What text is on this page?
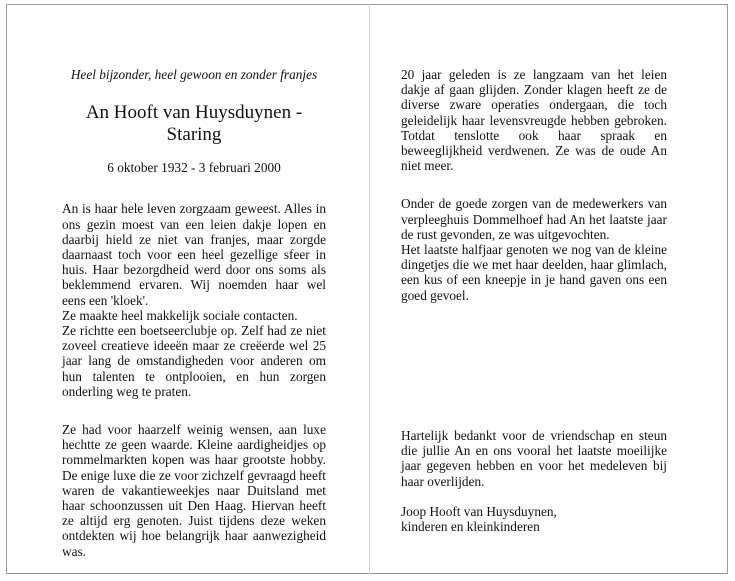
Heel bijzonder, heel gewoon en zonder franjes

An Hooft van Huysduynen - Staring

6 oktober 1932 - 3 februari 2000

An is haar hele leven zorgzaam geweest. Alles in ons gezin moest van een leien dakje lopen en daarbij hield ze niet van franjes, maar zorgde daarnaast toch voor een heel gezellige sfeer in huis. Haar bezorgdheid werd door ons soms als beklemmend ervaren. Wij noemden haar wel eens een 'kloek'.

Ze maakte heel makkelijk sociale contacten.

Ze richtte een boetseerclubje op. Zelf had ze niet zoveel creatieve ideeën maar ze creëerde wel 25 jaar lang de omstandigheden voor anderen om hun talenten te ontplooien, en hun zorgen onderling weg te praten.

Ze had voor haarzelf weinig wensen, aan luxe hechtte ze geen waarde. Kleine aardigheidjes op rommelmarkten kopen was haar grootste hobby. De enige luxe die ze voor zichzelf gevraagd heeft waren de vakantieweekjes naar Duitsland met haar schoonzussen uit Den Haag. Hiervan heeft ze altijd erg genoten. Juist tijdens deze weken ontdekten wij hoe belangrijk haar aanwezigheid was.

20 jaar geleden is ze langzaam van het leien dakje af gaan glijden. Zonder klagen heeft ze de diverse zware operaties ondergaan, die toch geleidelijk haar levensvreugde hebben gebroken. Totdat tenslotte ook haar spraak en beweeglijkheid verdwenen. Ze was de oude An niet meer.

Onder de goede zorgen van de medewerkers van verpleeghuis Dommelhoef had An het laatste jaar de rust gevonden, ze was uitgevochten.

Het laatste halfjaar genoten we nog van de kleine dingetjes die we met haar deelden, haar glimlach, een kus of een kneepje in je hand gaven ons een goed gevoel.

Hartelijk bedankt voor de vriendschap en steun die jullie An en ons vooral het laatste moeilijke jaar gegeven hebben en voor het medeleven bij haar overlijden.

Joop Hooft van Huysduynen,

kinderen en kleinkinderen
